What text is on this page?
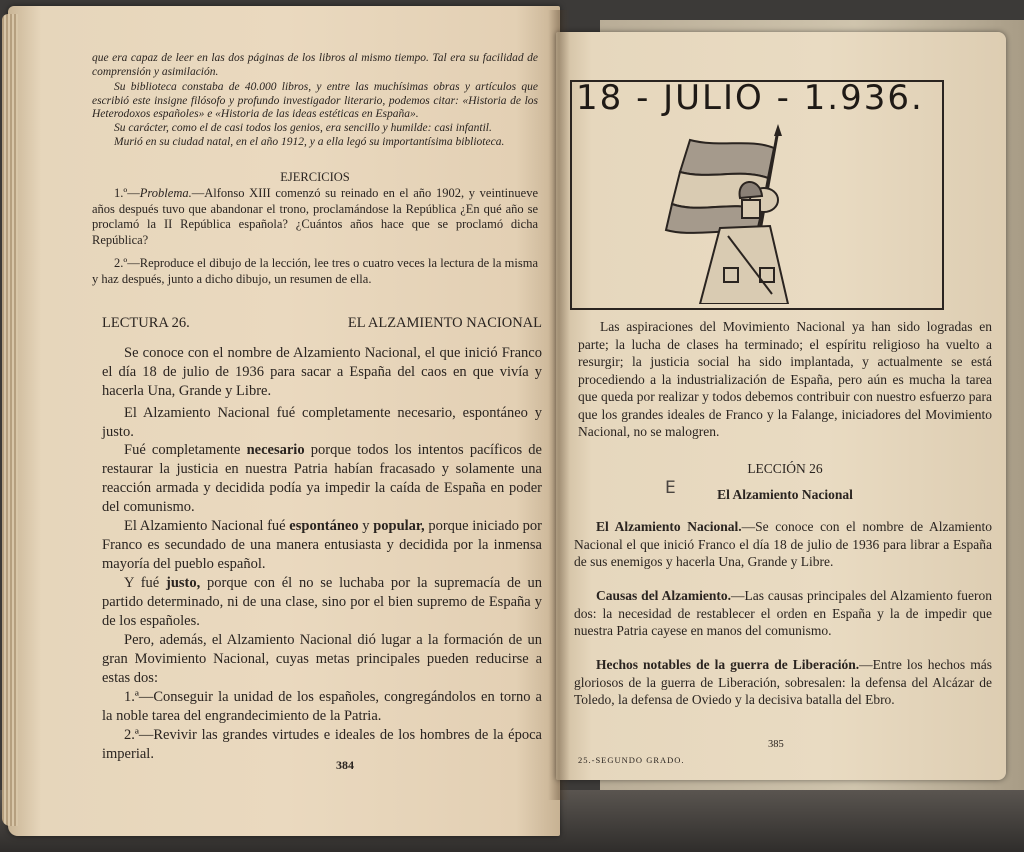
que era capaz de leer en las dos páginas de los libros al mismo tiempo. Tal era su facilidad de comprensión y asimilación.

Su biblioteca constaba de 40.000 libros, y entre las muchísimas obras y artículos que escribió este insigne filósofo y profundo investigador literario, podemos citar: «Historia de los Heterodoxos españoles» e «Historia de las ideas estéticas en España».

Su carácter, como el de casi todos los genios, era sencillo y humilde: casi infantil.

Murió en su ciudad natal, en el año 1912, y a ella legó su importantísima biblioteca.

EJERCICIOS

1.º—Problema.—Alfonso XIII comenzó su reinado en el año 1902, y veintinueve años después tuvo que abandonar el trono, proclamándose la República ¿En qué año se proclamó la II República española? ¿Cuántos años hace que se proclamó dicha República?

2.º—Reproduce el dibujo de la lección, lee tres o cuatro veces la lectura de la misma y haz después, junto a dicho dibujo, un resumen de ella.

LECTURA 26.	EL ALZAMIENTO NACIONAL

Se conoce con el nombre de Alzamiento Nacional, el que inició Franco el día 18 de julio de 1936 para sacar a España del caos en que vivía y hacerla Una, Grande y Libre.

El Alzamiento Nacional fué completamente necesario, espontáneo y justo.

Fué completamente necesario porque todos los intentos pacíficos de restaurar la justicia en nuestra Patria habían fracasado y solamente una reacción armada y decidida podía ya impedir la caída de España en poder del comunismo.

El Alzamiento Nacional fué espontáneo y popular, porque iniciado por Franco es secundado de una manera entusiasta y decidida por la inmensa mayoría del pueblo español.

Y fué justo, porque con él no se luchaba por la supremacía de un partido determinado, ni de una clase, sino por el bien supremo de España y de los españoles.

Pero, además, el Alzamiento Nacional dió lugar a la formación de un gran Movimiento Nacional, cuyas metas principales pueden reducirse a estas dos:

1.ª—Conseguir la unidad de los españoles, congregándolos en torno a la noble tarea del engrandecimiento de la Patria.

2.ª—Revivir las grandes virtudes e ideales de los hombres de la época imperial.

384
18 - JULIO - 1.936.

Las aspiraciones del Movimiento Nacional ya han sido logradas en parte; la lucha de clases ha terminado; el espíritu religioso ha vuelto a resurgir; la justicia social ha sido implantada, y actualmente se está procediendo a la industrialización de España, pero aún es mucha la tarea que queda por realizar y todos debemos contribuir con nuestro esfuerzo para que los grandes ideales de Franco y la Falange, iniciadores del Movimiento Nacional, no se malogren.

LECCIÓN 26

E	El Alzamiento Nacional

El Alzamiento Nacional.—Se conoce con el nombre de Alzamiento Nacional el que inició Franco el día 18 de julio de 1936 para librar a España de sus enemigos y hacerla Una, Grande y Libre.

Causas del Alzamiento.—Las causas principales del Alzamiento fueron dos: la necesidad de restablecer el orden en España y la de impedir que nuestra Patria cayese en manos del comunismo.

Hechos notables de la guerra de Liberación.—Entre los hechos más gloriosos de la guerra de Liberación, sobresalen: la defensa del Alcázar de Toledo, la defensa de Oviedo y la decisiva batalla del Ebro.

25.-SEGUNDO GRADO.
385
